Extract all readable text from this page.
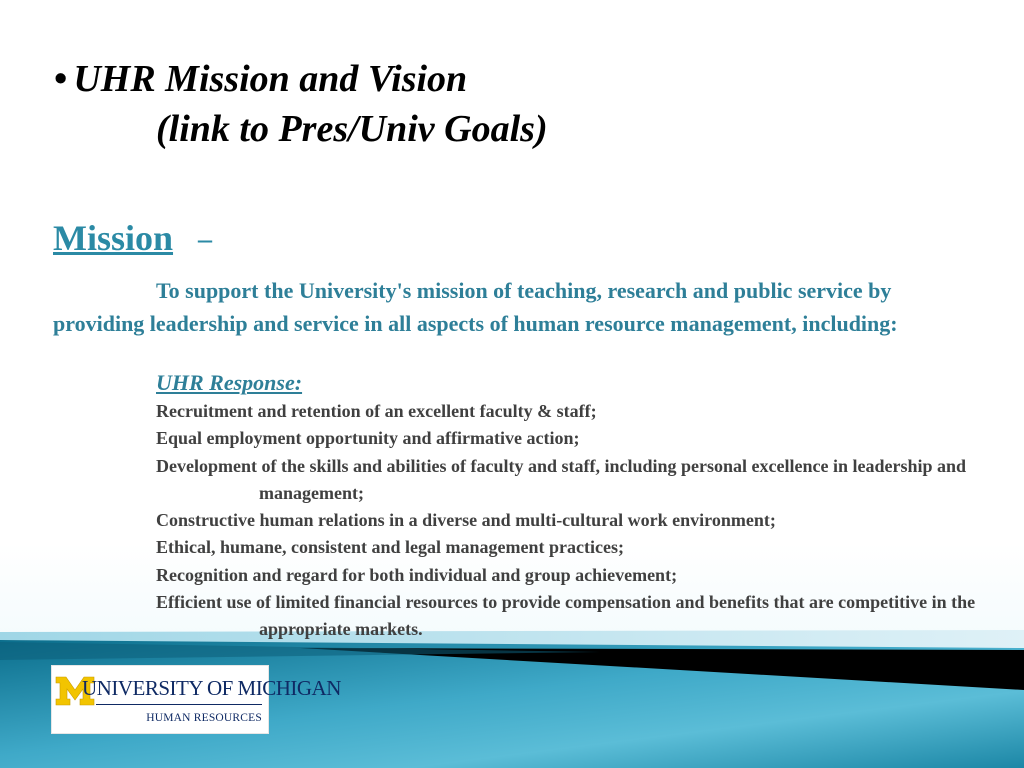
• UHR Mission and Vision
(link to Pres/Univ Goals)
Mission –
To support the University's mission of teaching, research and public service by providing leadership and service in all aspects of human resource management, including:
UHR Response:
Recruitment and retention of an excellent faculty & staff;
Equal employment opportunity and affirmative action;
Development of the skills and abilities of faculty and staff, including personal excellence in leadership and management;
Constructive human relations in a diverse and multi-cultural work environment;
Ethical, humane, consistent and legal management practices;
Recognition and regard for both individual and group achievement;
Efficient use of limited financial resources to provide compensation and benefits that are competitive in the appropriate markets.
UNIVERSITY OF MICHIGAN
HUMAN RESOURCES
